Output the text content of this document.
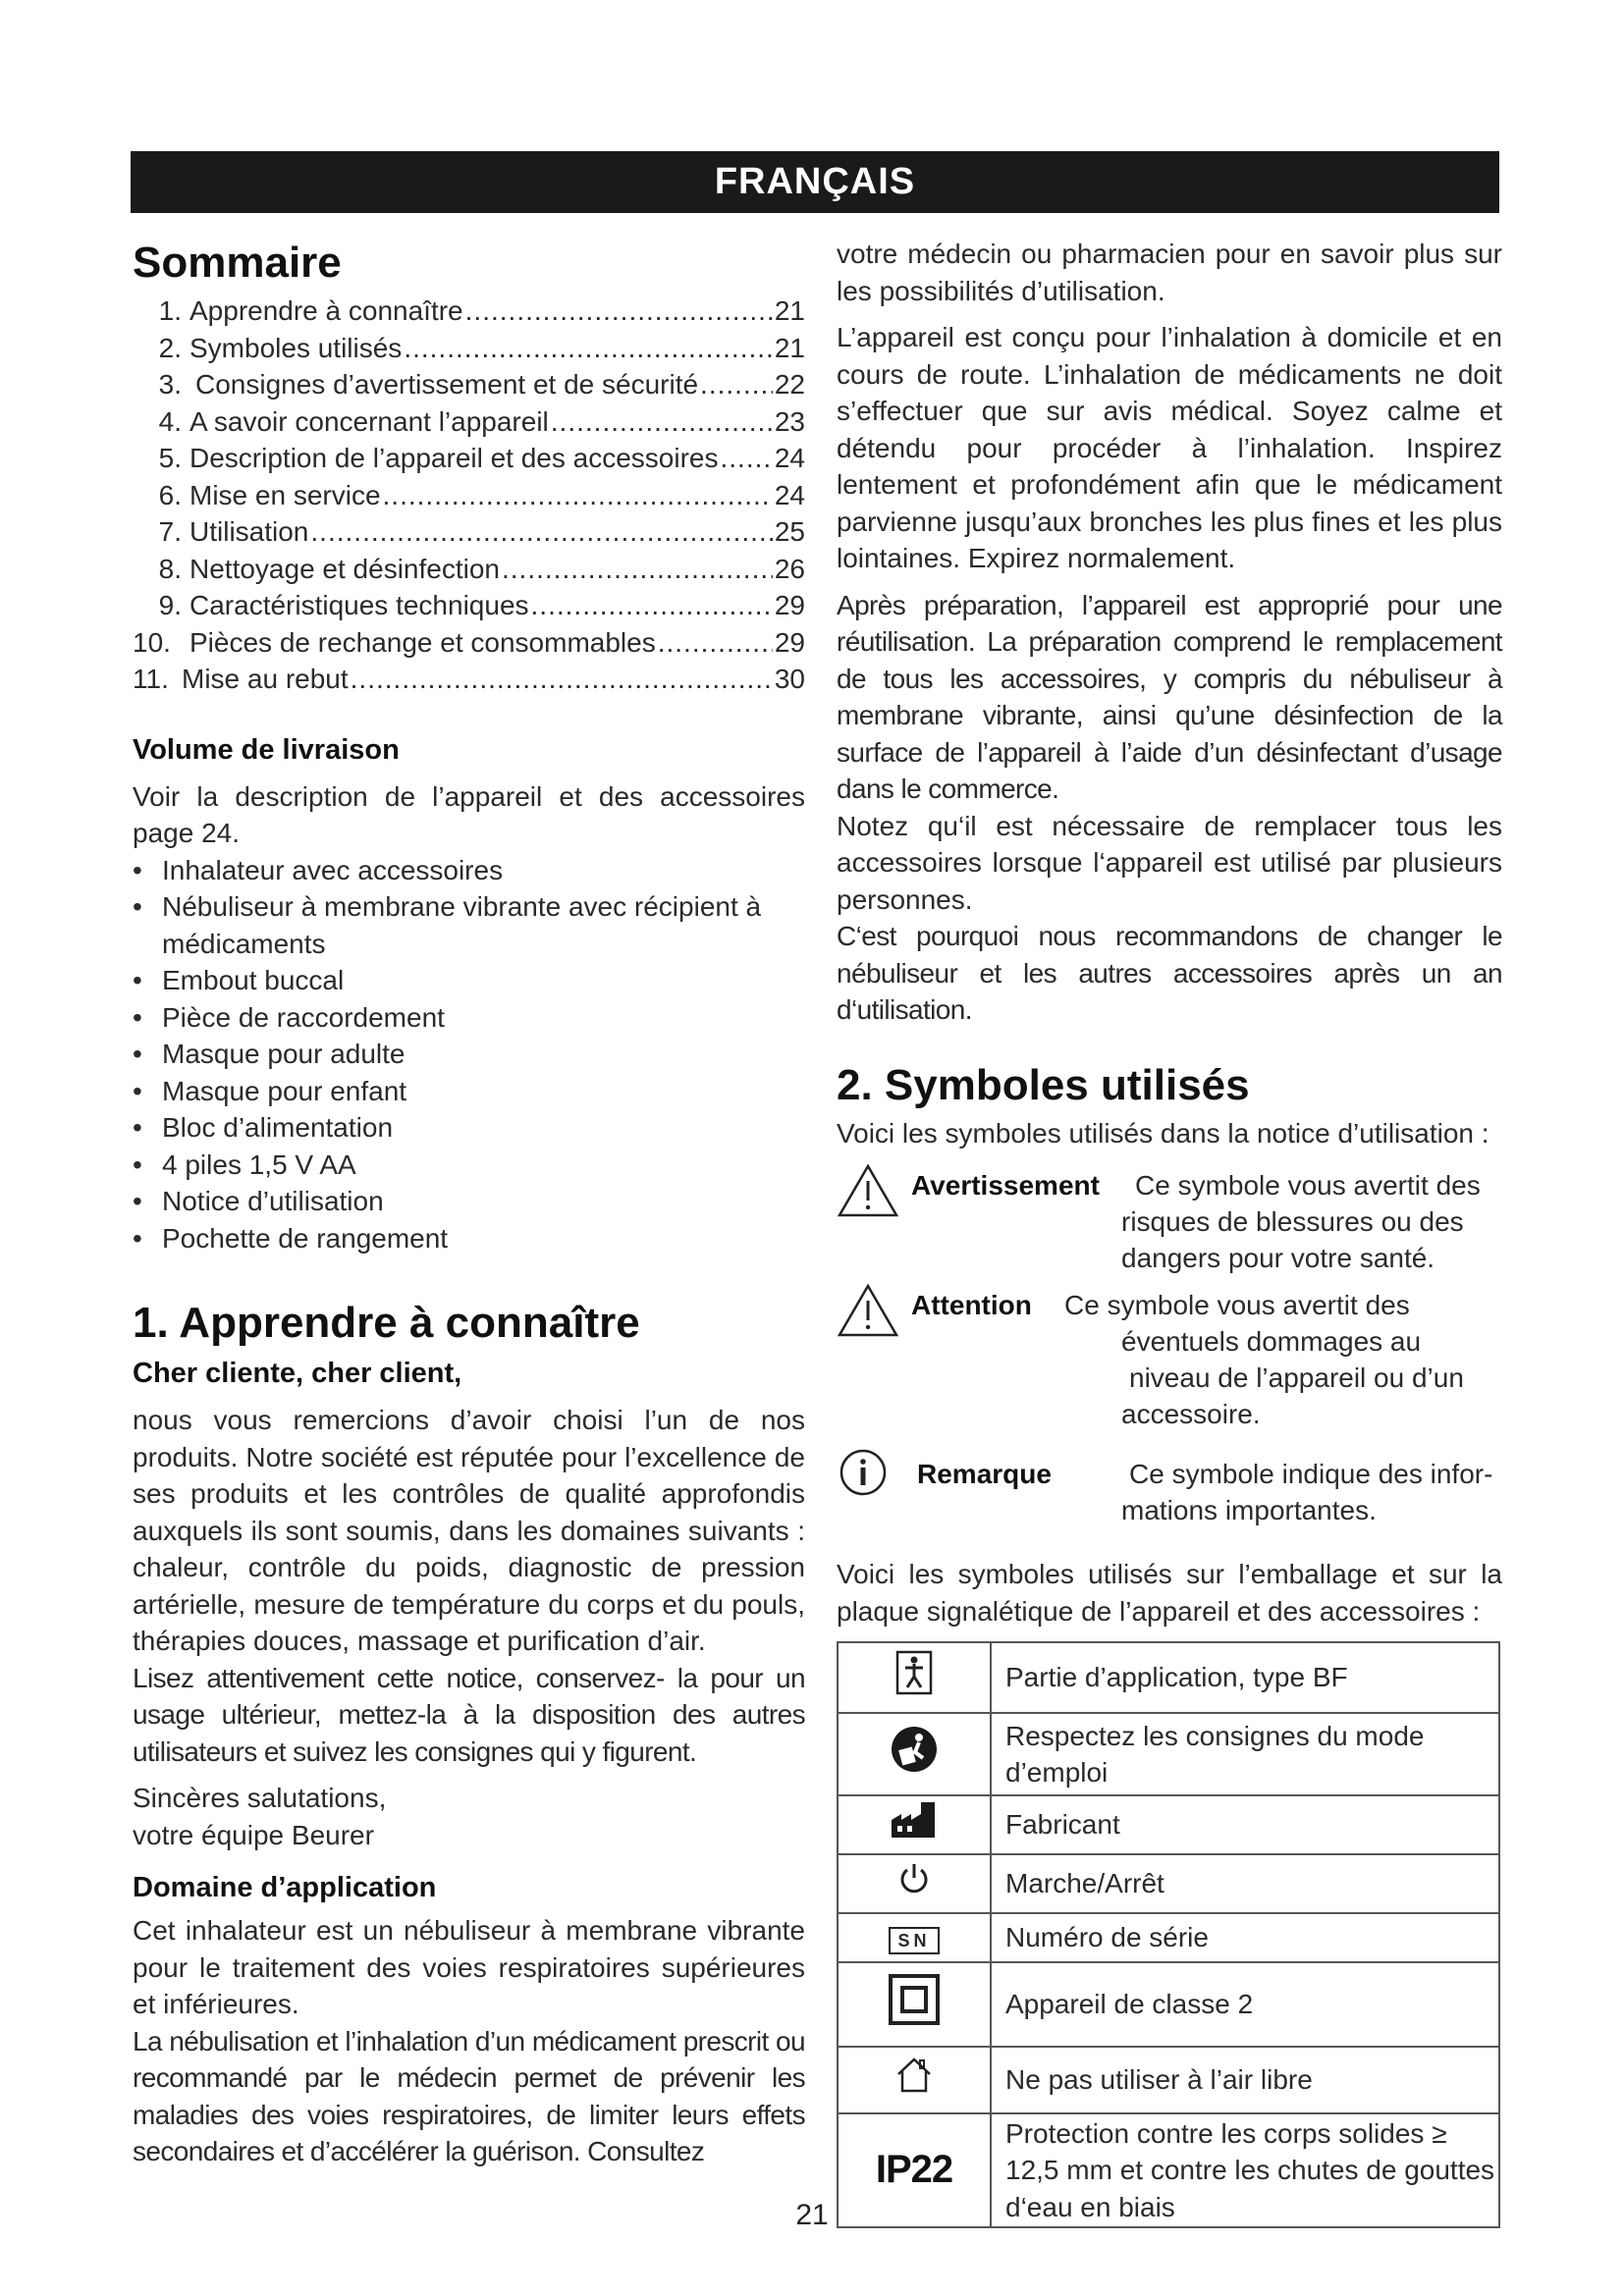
FRANÇAIS
Sommaire
1. Apprendre à connaître .....	21
2. Symboles utilisés .....	21
3. Consignes d’avertissement et de sécurité .....	22
4. A savoir concernant l’appareil .....	23
5. Description de l’appareil et des accessoires ..... 24
6. Mise en service .....	24
7. Utilisation .....	25
8. Nettoyage et désinfection .....	26
9. Caractéristiques techniques .....	29
10. Pièces de rechange et consommables .....	29
11. Mise au rebut .....	30
Volume de livraison

Voir la description de l’appareil et des accessoires page 24.

• Inhalateur avec accessoires
• Nébuliseur à membrane vibrante avec récipient à médicaments
• Embout buccal
• Pièce de raccordement
• Masque pour adulte
• Masque pour enfant
• Bloc d’alimentation
• 4 piles 1,5 V AA
• Notice d’utilisation
• Pochette de rangement
1. Apprendre à connaître
Cher cliente, cher client,

nous vous remercions d’avoir choisi l’un de nos produits. Notre société est réputée pour l’excellence de ses produits et les contrôles de qualité approfondis auxquels ils sont soumis, dans les domaines suivants : chaleur, contrôle du poids, diagnostic de pression artérielle, mesure de température du corps et du pouls, thérapies douces, massage et purification d’air.

Lisez attentivement cette notice, conservez- la pour un usage ultérieur, mettez-la à la disposition des autres utilisateurs et suivez les consignes qui y figurent.

Sincères salutations,

votre équipe Beurer

Domaine d’application

Cet inhalateur est un nébuliseur à membrane vibrante pour le traitement des voies respiratoires supérieures et inférieures.

La nébulisation et l’inhalation d’un médicament prescrit ou recommandé par le médecin permet de prévenir les maladies des voies respiratoires, de limiter leurs effets secondaires et d’accélérer la guérison. Consultez

votre médecin ou pharmacien pour en savoir plus sur les possibilités d’utilisation.

L’appareil est conçu pour l’inhalation à domicile et en cours de route. L’inhalation de médicaments ne doit s’effectuer que sur avis médical. Soyez calme et détendu pour procéder à l’inhalation. Inspirez lentement et profondément afin que le médicament parvienne jusqu’aux bronches les plus fines et les plus lointaines. Expirez normalement.

Après préparation, l’appareil est approprié pour une réutilisation. La préparation comprend le remplacement de tous les accessoires, y compris du nébuliseur à membrane vibrante, ainsi qu’une désinfection de la surface de l’appareil à l’aide d’un désinfectant d’usage dans le commerce.

Notez qu‘il est nécessaire de remplacer tous les accessoires lorsque l‘appareil est utilisé par plusieurs personnes.

C‘est pourquoi nous recommandons de changer le nébuliseur et les autres accessoires après un an d‘utilisation.

2. Symboles utilisés

Voici les symboles utilisés dans la notice d’utilisation :

Avertissement Ce symbole vous avertit des
risques de blessures ou des
dangers pour votre santé.
Attention Ce symbole vous avertit des
éventuels dommages au
niveau de l’appareil ou d’un
accessoire.
Remarque	Ce symbole indique des infor-
mations importantes.

Voici les symboles utilisés sur l’emballage et sur la plaque signalétique de l’appareil et des accessoires :

	Partie d’application, type BF
	Respectez les consignes du mode d’emploi
	Fabricant
	Marche/Arrêt
SN	Numéro de série
	Appareil de classe 2
	Ne pas utiliser à l’air libre
IP22	Protection contre les corps solides ≥ 12,5 mm et contre les chutes de gouttes d‘eau en biais
21
